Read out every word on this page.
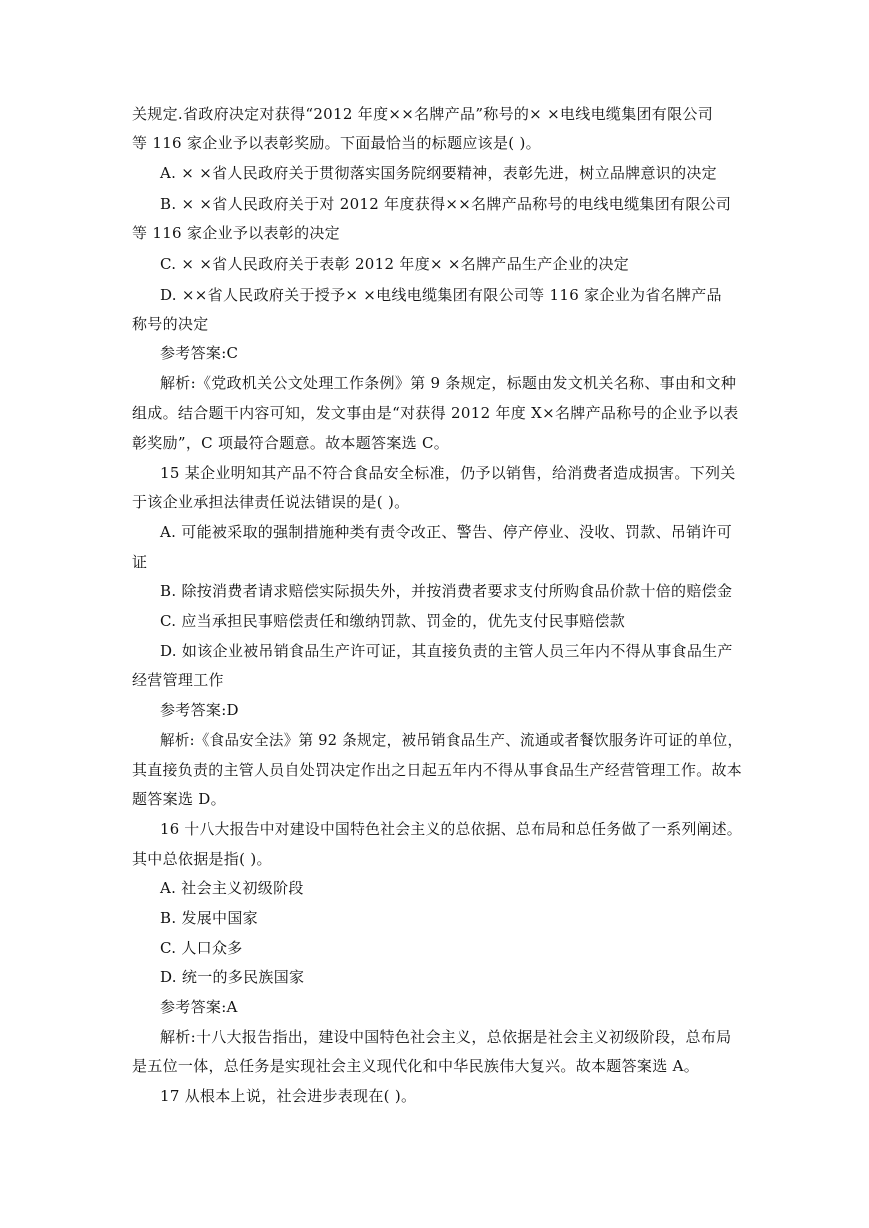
关规定.省政府决定对获得“2012 年度××名牌产品”称号的× ×电线电缆集团有限公司
等 116 家企业予以表彰奖励。下面最恰当的标题应该是( )。
A. × ×省人民政府关于贯彻落实国务院纲要精神，表彰先进，树立品牌意识的决定
B. × ×省人民政府关于对 2012 年度获得××名牌产品称号的电线电缆集团有限公司
等 116 家企业予以表彰的决定
C. × ×省人民政府关于表彰 2012 年度× ×名牌产品生产企业的决定
D. ××省人民政府关于授予× ×电线电缆集团有限公司等 116 家企业为省名牌产品
称号的决定
参考答案:C
解析:《党政机关公文处理工作条例》第 9 条规定，标题由发文机关名称、事由和文种
组成。结合题干内容可知，发文事由是“对获得 2012 年度 X×名牌产品称号的企业予以表
彰奖励”，C 项最符合题意。故本题答案选 C。
15 某企业明知其产品不符合食品安全标准，仍予以销售，给消费者造成损害。下列关
于该企业承担法律责任说法错误的是( )。
A. 可能被采取的强制措施种类有责令改正、警告、停产停业、没收、罚款、吊销许可
证
B. 除按消费者请求赔偿实际损失外，并按消费者要求支付所购食品价款十倍的赔偿金
C. 应当承担民事赔偿责任和缴纳罚款、罚金的，优先支付民事赔偿款
D. 如该企业被吊销食品生产许可证，其直接负责的主管人员三年内不得从事食品生产
经营管理工作
参考答案:D
解析:《食品安全法》第 92 条规定，被吊销食品生产、流通或者餐饮服务许可证的单位，
其直接负责的主管人员自处罚决定作出之日起五年内不得从事食品生产经营管理工作。故本
题答案选 D。
16 十八大报告中对建设中国特色社会主义的总依据、总布局和总任务做了一系列阐述。
其中总依据是指( )。
A. 社会主义初级阶段
B. 发展中国家
C. 人口众多
D. 统一的多民族国家
参考答案:A
解析:十八大报告指出，建设中国特色社会主义，总依据是社会主义初级阶段，总布局
是五位一体，总任务是实现社会主义现代化和中华民族伟大复兴。故本题答案选 A。
17 从根本上说，社会进步表现在( )。
